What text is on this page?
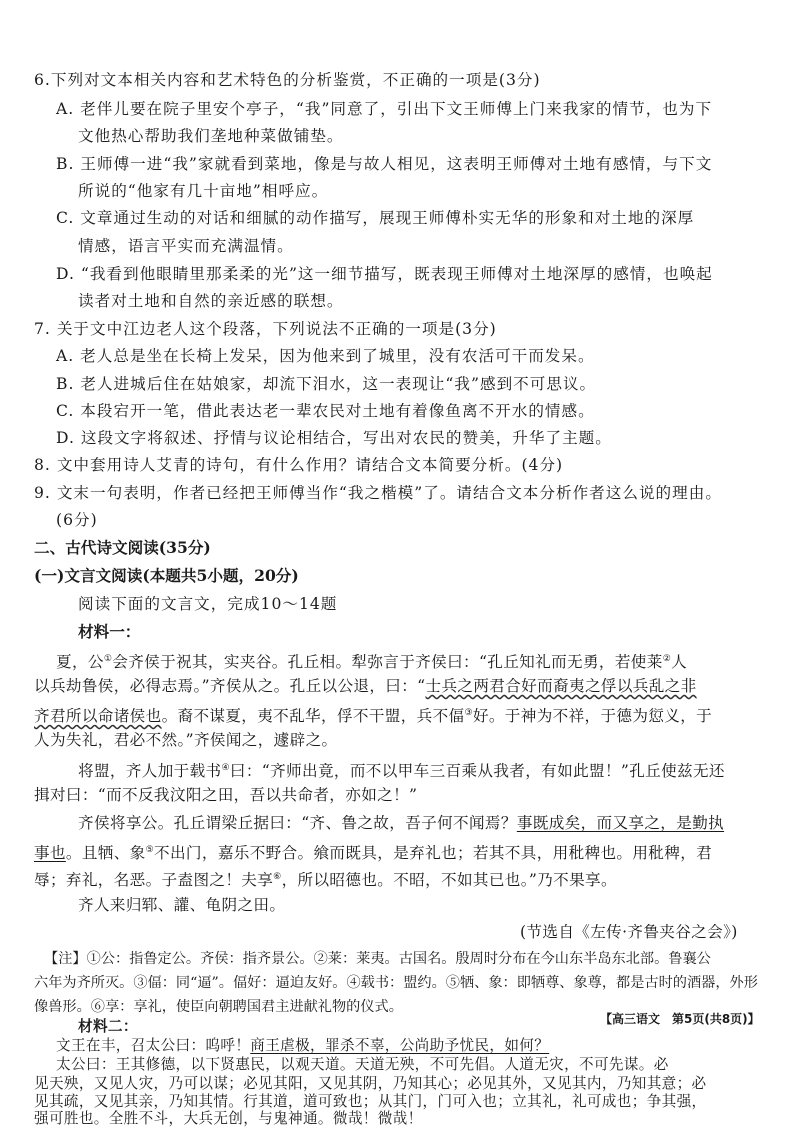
6.下列对文本相关内容和艺术特色的分析鉴赏，不正确的一项是(3分)
A. 老伴儿要在院子里安个亭子，“我”同意了，引出下文王师傅上门来我家的情节，也为下
文他热心帮助我们垄地种菜做铺垫。
B. 王师傅一进“我”家就看到菜地，像是与故人相见，这表明王师傅对土地有感情，与下文
所说的“他家有几十亩地”相呼应。
C. 文章通过生动的对话和细腻的动作描写，展现王师傅朴实无华的形象和对土地的深厚
情感，语言平实而充满温情。
D. “我看到他眼睛里那柔柔的光”这一细节描写，既表现王师傅对土地深厚的感情，也唤起
读者对土地和自然的亲近感的联想。
7. 关于文中江边老人这个段落，下列说法不正确的一项是(3分)
A. 老人总是坐在长椅上发呆，因为他来到了城里，没有农活可干而发呆。
B. 老人进城后住在姑娘家，却流下泪水，这一表现让“我”感到不可思议。
C. 本段宕开一笔，借此表达老一辈农民对土地有着像鱼离不开水的情感。
D. 这段文字将叙述、抒情与议论相结合，写出对农民的赞美，升华了主题。
8. 文中套用诗人艾青的诗句，有什么作用？请结合文本简要分析。(4分)
9. 文末一句表明，作者已经把王师傅当作“我之楷模”了。请结合文本分析作者这么说的理由。
(6分)
二、古代诗文阅读(35分)
(一)文言文阅读(本题共5小题，20分)
阅读下面的文言文，完成10～14题
材料一：
夏，公①会齐侯于祝其，实夹谷。孔丘相。犁弥言于齐侯曰：“孔丘知礼而无勇，若使莱②人
以兵劫鲁侯，必得志焉。”齐侯从之。孔丘以公退，曰：“士兵之两君合好而裔夷之俘以兵乱之非
齐君所以命诸侯也。裔不谋夏，夷不乱华，俘不干盟，兵不偪③好。于神为不祥，于德为愆义，于
人为失礼，君必不然。”齐侯闻之，遽辟之。
将盟，齐人加于载书④曰：“齐师出竟，而不以甲车三百乘从我者，有如此盟！”孔丘使兹无还
揖对曰：“而不反我汶阳之田，吾以共命者，亦如之！”
齐侯将享公。孔丘谓梁丘据曰：“齐、鲁之故，吾子何不闻焉？事既成矣，而又享之，是勤执
事也。且牺、象⑤不出门，嘉乐不野合。飨而既具，是弃礼也；若其不具，用秕稗也。用秕稗，君
辱；弃礼，名恶。子盍图之！夫享⑥，所以昭德也。不昭，不如其已也。”乃不果享。
齐人来归郓、讙、龟阴之田。
(节选自《左传·齐鲁夹谷之会》)
【注】①公：指鲁定公。齐侯：指齐景公。②莱：莱夷。古国名。殷周时分布在今山东半岛东北部。鲁襄公
六年为齐所灭。③偪：同“逼”。偪好：逼迫友好。④载书：盟约。⑤牺、象：即牺尊、象尊，都是古时的酒器，外形
像兽形。⑥享：享礼，使臣向朝聘国君主进献礼物的仪式。
材料二：
文王在丰，召太公曰：呜呼！商王虐极，罪杀不辜，公尚助予忧民，如何？
太公曰：王其修德，以下贤惠民，以观天道。天道无殃，不可先倡。人道无灾，不可先谋。必
见天殃，又见人灾，乃可以谋；必见其阳，又见其阴，乃知其心；必见其外，又见其内，乃知其意；必
见其疏，又见其亲，乃知其情。行其道，道可致也；从其门，门可入也；立其礼，礼可成也；争其强，
强可胜也。全胜不斗，大兵无创，与鬼神通。微哉！微哉！
【高三语文　第5页(共8页)】
